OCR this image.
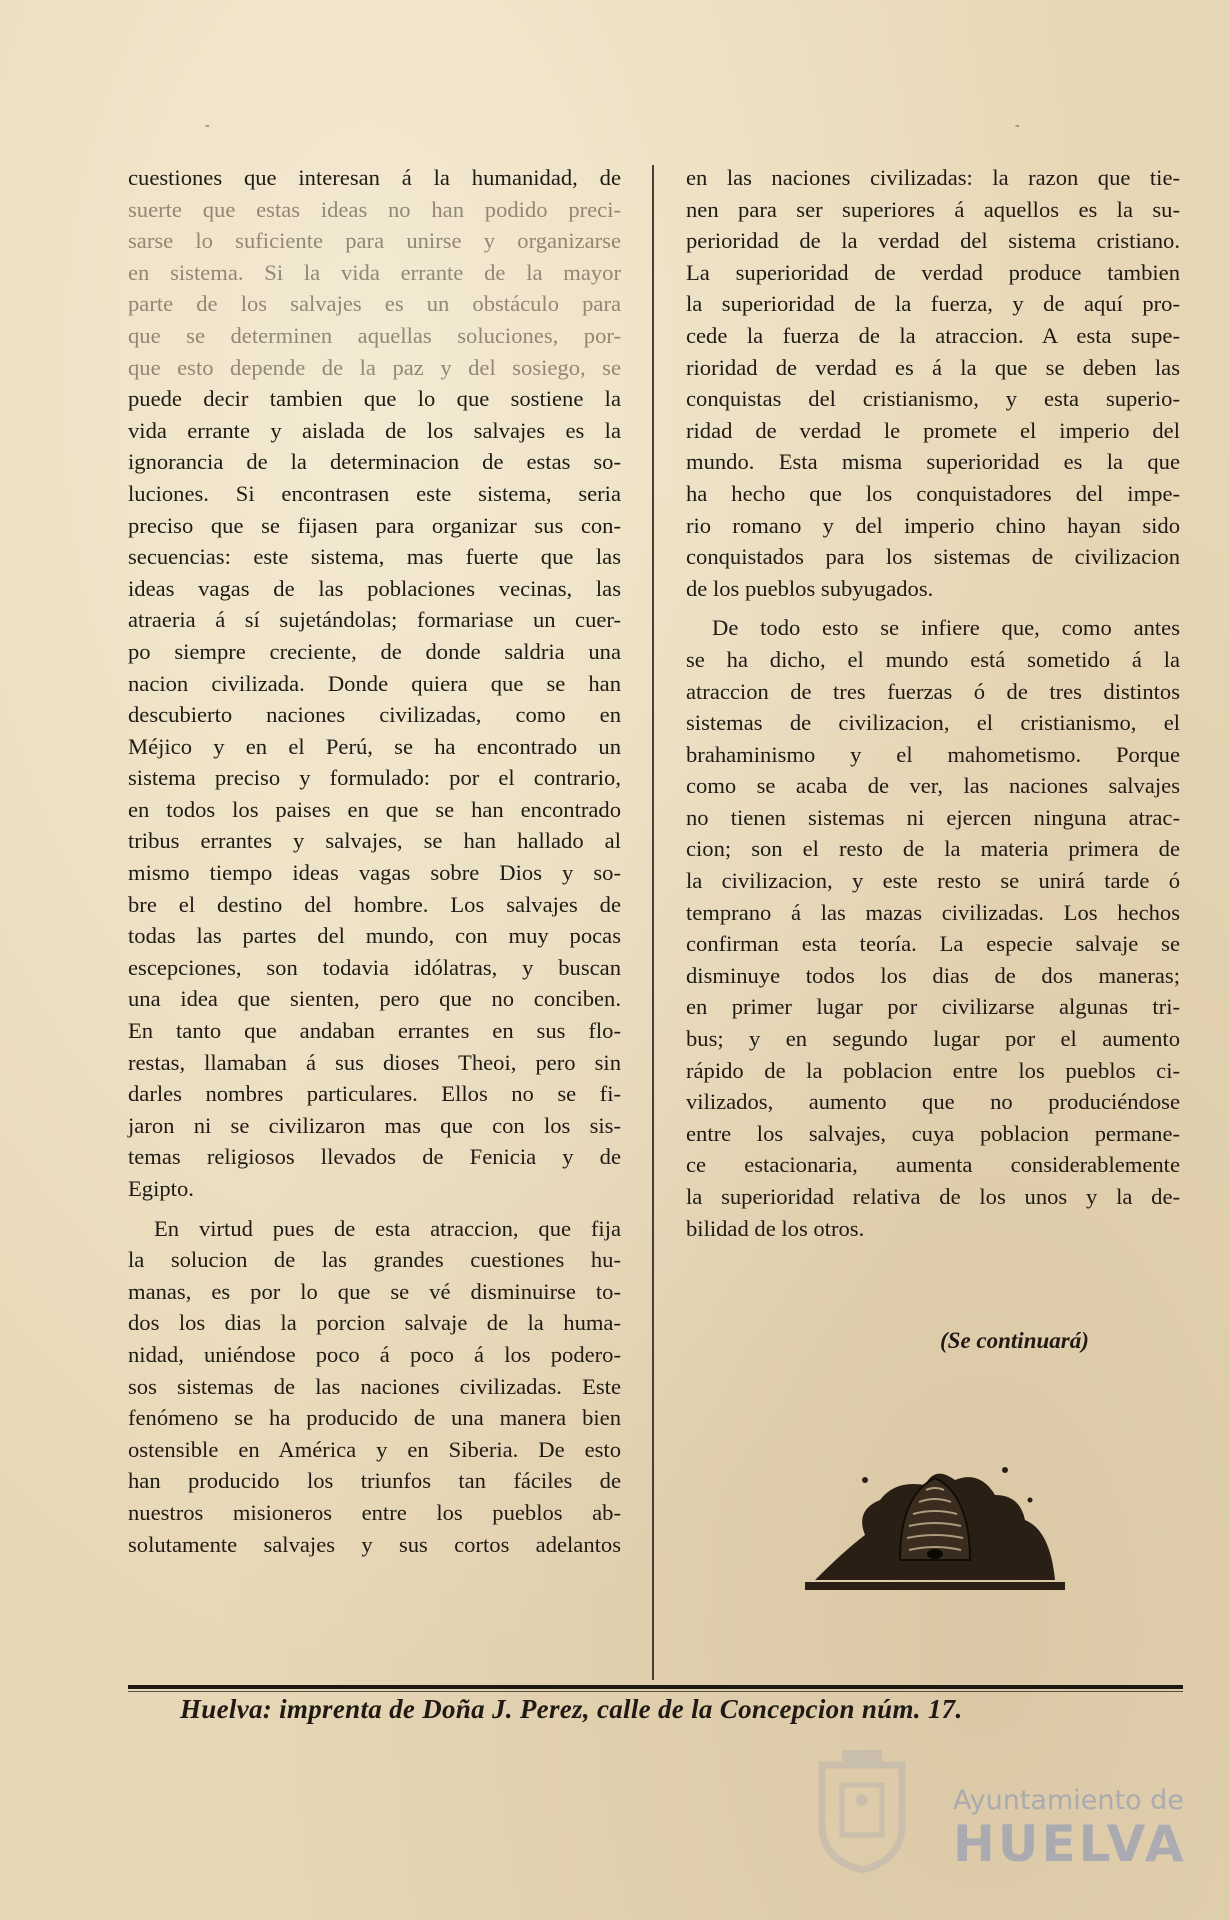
-	-

cuestiones que interesan á la humanidad, de

suerte que estas ideas no han podido preci-

sarse lo suficiente para unirse y organizarse

en sistema. Si la vida errante de la mayor

parte de los salvajes es un obstáculo para

que se determinen aquellas soluciones, por-

que esto depende de la paz y del sosiego, se

puede decir tambien que lo que sostiene la

vida errante y aislada de los salvajes es la

ignorancia de la determinacion de estas so-

luciones. Si encontrasen este sistema, seria

preciso que se fijasen para organizar sus con-

secuencias: este sistema, mas fuerte que las

ideas vagas de las poblaciones vecinas, las

atraeria á sí sujetándolas; formariase un cuer-

po siempre creciente, de donde saldria una

nacion civilizada. Donde quiera que se han

descubierto naciones civilizadas, como en

Méjico y en el Perú, se ha encontrado un

sistema preciso y formulado: por el contrario,

en todos los paises en que se han encontrado

tribus errantes y salvajes, se han hallado al

mismo tiempo ideas vagas sobre Dios y so-

bre el destino del hombre. Los salvajes de

todas las partes del mundo, con muy pocas

escepciones, son todavia idólatras, y buscan

una idea que sienten, pero que no conciben.

En tanto que andaban errantes en sus flo-

restas, llamaban á sus dioses Theoi, pero sin

darles nombres particulares. Ellos no se fi-

jaron ni se civilizaron mas que con los sis-

temas religiosos llevados de Fenicia y de

Egipto.

En virtud pues de esta atraccion, que fija

la solucion de las grandes cuestiones hu-

manas, es por lo que se vé disminuirse to-

dos los dias la porcion salvaje de la huma-

nidad, uniéndose poco á poco á los podero-

sos sistemas de las naciones civilizadas. Este

fenómeno se ha producido de una manera bien

ostensible en América y en Siberia. De esto

han producido los triunfos tan fáciles de

nuestros misioneros entre los pueblos ab-

solutamente salvajes y sus cortos adelantos

en las naciones civilizadas: la razon que tie-

nen para ser superiores á aquellos es la su-

perioridad de la verdad del sistema cristiano.

La superioridad de verdad produce tambien

la superioridad de la fuerza, y de aquí pro-

cede la fuerza de la atraccion. A esta supe-

rioridad de verdad es á la que se deben las

conquistas del cristianismo, y esta superio-

ridad de verdad le promete el imperio del

mundo. Esta misma superioridad es la que

ha hecho que los conquistadores del impe-

rio romano y del imperio chino hayan sido

conquistados para los sistemas de civilizacion

de los pueblos subyugados.

De todo esto se infiere que, como antes

se ha dicho, el mundo está sometido á la

atraccion de tres fuerzas ó de tres distintos

sistemas de civilizacion, el cristianismo, el

brahaminismo y el mahometismo. Porque

como se acaba de ver, las naciones salvajes

no tienen sistemas ni ejercen ninguna atrac-

cion; son el resto de la materia primera de

la civilizacion, y este resto se unirá tarde ó

temprano á las mazas civilizadas. Los hechos

confirman esta teoría. La especie salvaje se

disminuye todos los dias de dos maneras;

en primer lugar por civilizarse algunas tri-

bus; y en segundo lugar por el aumento

rápido de la poblacion entre los pueblos ci-

vilizados, aumento que no produciéndose

entre los salvajes, cuya poblacion permane-

ce estacionaria, aumenta considerablemente

la superioridad relativa de los unos y la de-

bilidad de los otros.

(Se continuará)
Huelva: imprenta de Doña J. Perez, calle de la Concepcion núm. 17.
Ayuntamiento de
HUELVA
